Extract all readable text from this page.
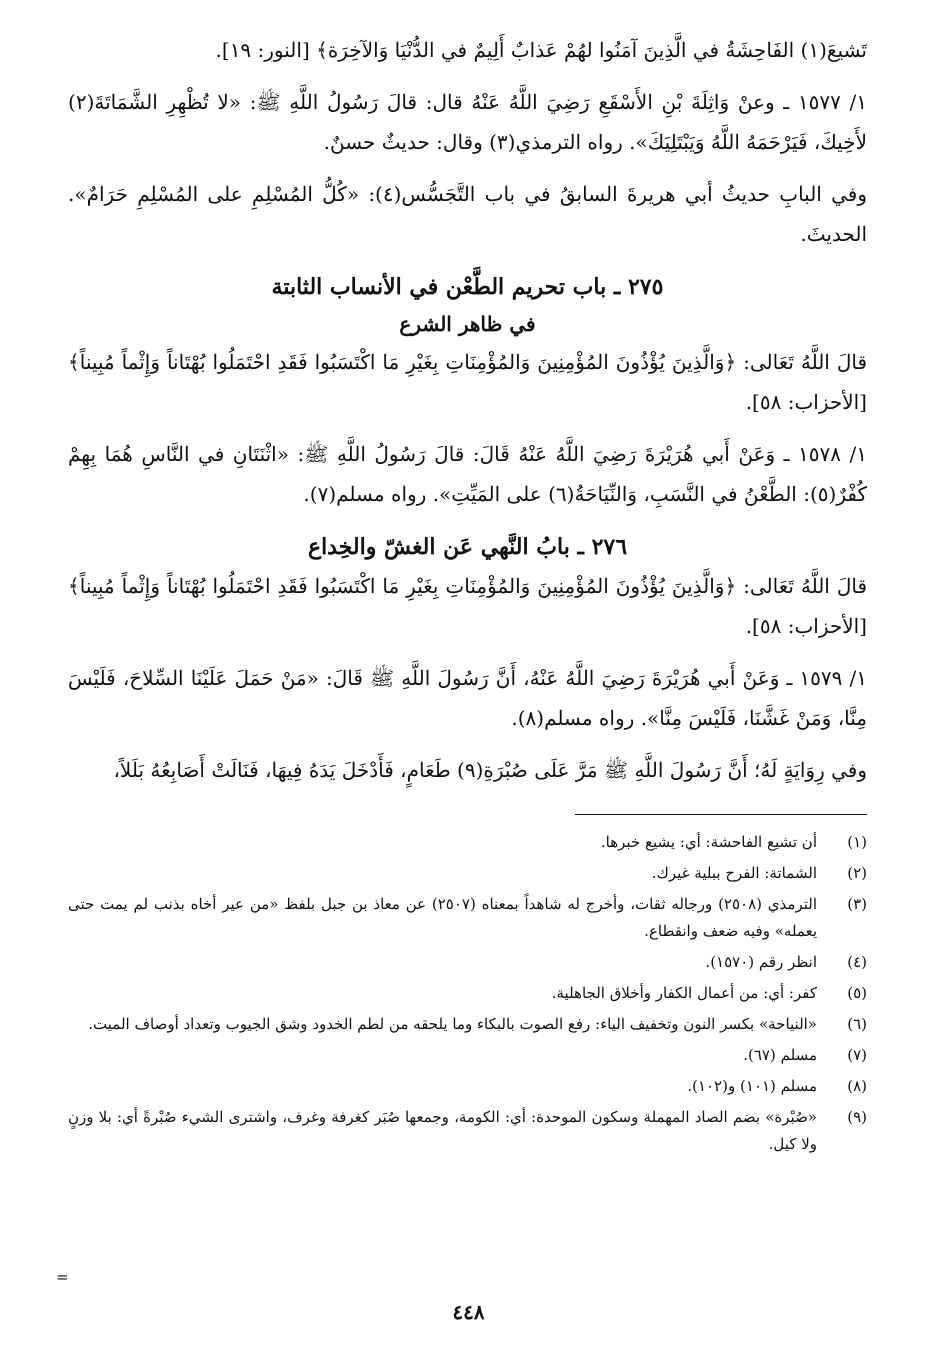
تَشيعَ(١) الفَاحِشَةُ في الَّذِينَ آمَنُوا لهُمْ عَذابٌ أَلِيمٌ في الدُّنْيَا وَالآخِرَة﴾ [النور: ١٩].

١/ ١٥٧٧ ـ وعنْ وَاثِلَةَ بْنِ الأَسْقَعِ رَضِيَ اللَّهُ عَنْهُ قال: قالَ رَسُولُ اللَّهِ ﷺ: «لا تُظْهِرِ الشَّمَاتَةَ(٢) لأَخِيكَ، فَيَرْحَمَهُ اللَّهُ وَيَبْتَلِيَكَ». رواه الترمذي(٣) وقال: حديثٌ حسنٌ.

وفي البابِ حديثُ أبي هريرةَ السابقُ في باب التَّجَسُّس(٤): «كُلُّ المُسْلِمِ على المُسْلِمِ حَرَامٌ». الحديثَ.

٢٧٥ ـ باب تحريم الطَّعْن في الأنساب الثابتة
في ظاهر الشرع

قالَ اللَّهُ تَعَالى: ﴿وَالَّذِينَ يُؤْذُونَ المُؤْمِنِينَ وَالمُؤْمِنَاتِ بِغَيْرِ مَا اكْتَسَبُوا فَقَدِ احْتَمَلُوا بُهْتَاناً وَإِثْماً مُبِيناً﴾ [الأحزاب: ٥٨].

١/ ١٥٧٨ ـ وَعَنْ أَبي هُرَيْرَةَ رَضِيَ اللَّهُ عَنْهُ قَالَ: قالَ رَسُولُ اللَّهِ ﷺ: «اثْنَتَانِ في النَّاسِ هُمَا بِهِمْ كُفْرٌ(٥): الطَّعْنُ في النَّسَبِ، وَالنِّيَاحَةُ(٦) على المَيِّتِ». رواه مسلم(٧).

٢٧٦ ـ بابُ النَّهي عَن الغشّ والخِداع

قالَ اللَّهُ تَعَالى: ﴿وَالَّذِينَ يُؤْذُونَ المُؤْمِنِينَ وَالمُؤْمِنَاتِ بِغَيْرِ مَا اكْتَسَبُوا فَقَدِ احْتَمَلُوا بُهْتَاناً وَإِثْماً مُبِيناً﴾ [الأحزاب: ٥٨].

١/ ١٥٧٩ ـ وَعَنْ أَبي هُرَيْرَةَ رَضِيَ اللَّهُ عَنْهُ، أَنَّ رَسُولَ اللَّهِ ﷺ قَالَ: «مَنْ حَمَلَ عَلَيْنَا السِّلاحَ، فَلَيْسَ مِنَّا، وَمَنْ غَشَّنَا، فَلَيْسَ مِنَّا». رواه مسلم(٨).

وفي رِوَايَةٍ لَهُ؛ أَنَّ رَسُولَ اللَّهِ ﷺ مَرَّ عَلَى صُبْرَةِ(٩) طَعَامٍ، فَأَدْخَلَ يَدَهُ فِيهَا، فَنَالَتْ أَصَابِعُهُ بَلَلاً،

(١)
أن تشيع الفاحشة: أي: يشيع خبرها.
(٢)
الشماتة: الفرح ببلية غيرك.
(٣)
الترمذي (٢٥٠٨) ورجاله ثقات، وأخرج له شاهداً بمعناه (٢٥٠٧) عن معاذ بن جبل بلفظ «من عير أخاه بذنب لم يمت حتى يعمله» وفيه ضعف وانقطاع.
(٤)
انظر رقم (١٥٧٠).
(٥)
كفر: أي: من أعمال الكفار وأخلاق الجاهلية.
(٦)
«النياحة» بكسر النون وتخفيف الياء: رفع الصوت بالبكاء وما يلحقه من لطم الخدود وشق الجيوب وتعداد أوصاف الميت.
(٧)
مسلم (٦٧).
(٨)
مسلم (١٠١) و(١٠٢).
(٩)
«صُبْرة» بضم الصاد المهملة وسكون الموحدة: أي: الكومة، وجمعها صُبَر كغرفة وغرف، واشترى الشيء صُبْرةً أي: بلا وزنٍ ولا كيل.
=
٤٤٨
